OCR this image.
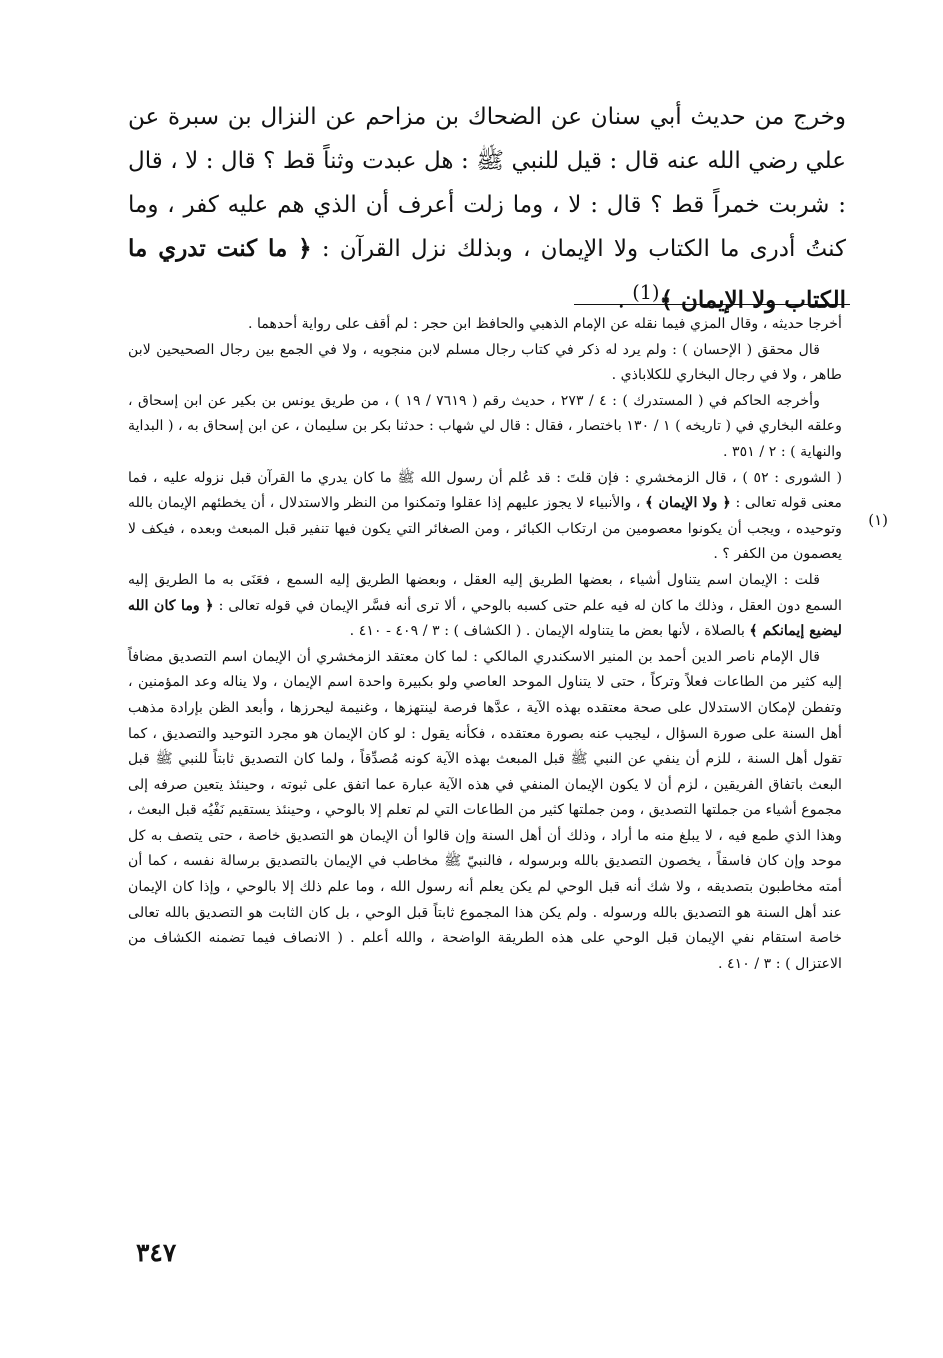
وخرج من حديث أبي سنان عن الضحاك بن مزاحم عن النزال بن سبرة عن علي رضي الله عنه قال : قيل للنبي ﷺ : هل عبدت وثناً قط ؟ قال : لا ، قال : شربت خمراً قط ؟ قال : لا ، وما زلت أعرف أن الذي هم عليه كفر ، وما كنتُ أدرى ما الكتاب ولا الإيمان ، وبذلك نزل القرآن : ﴿ ما كنت تدري ما الكتاب ولا الإيمان ﴾$^{(1)}$ .

(١)

أخرجا حديثه ، وقال المزي فيما نقله عن الإمام الذهبي والحافظ ابن حجر : لم أقف على رواية أحدهما .

قال محقق ( الإحسان ) : ولم يرد له ذكر في كتاب رجال مسلم لابن منجويه ، ولا في الجمع بين رجال الصحيحين لابن طاهر ، ولا في رجال البخاري للكلاباذي .

وأخرجه الحاكم في ( المستدرك ) : ٤ / ٢٧٣ ، حديث رقم ( ٧٦١٩ / ١٩ ) ، من طريق يونس بن بكير عن ابن إسحاق ، وعلقه البخاري في ( تاريخه ) ١ / ١٣٠ باختصار ، فقال : قال لي شهاب : حدثنا بكر بن سليمان ، عن ابن إسحاق به ، ( البداية والنهاية ) : ٢ / ٣٥١ .

( الشورى : ٥٢ ) ، قال الزمخشري : فإن قلتَ : قد عُلم أن رسول الله ﷺ ما كان يدري ما القرآن قبل نزوله عليه ، فما معنى قوله تعالى : ﴿ ولا الإيمان ﴾ ، والأنبياء لا يجوز عليهم إذا عقلوا وتمكنوا من النظر والاستدلال ، أن يخطئهم الإيمان بالله وتوحيده ، ويجب أن يكونوا معصومين من ارتكاب الكبائر ، ومن الصغائر التي يكون فيها تنفير قبل المبعث وبعده ، فيكف لا يعصمون من الكفر ؟ .

قلت : الإيمان اسم يتناول أشياء ، بعضها الطريق إليه العقل ، وبعضها الطريق إليه السمع ، فعَنَى به ما الطريق إليه السمع دون العقل ، وذلك ما كان له فيه علم حتى كسبه بالوحي ، ألا ترى أنه فسَّر الإيمان في قوله تعالى : ﴿ وما كان الله ليضيع إيمانكم ﴾ بالصلاة ، لأنها بعض ما يتناوله الإيمان . ( الكشاف ) : ٣ / ٤٠٩ - ٤١٠ .

قال الإمام ناصر الدين أحمد بن المنير الاسكندري المالكي : لما كان معتقد الزمخشري أن الإيمان اسم التصديق مضافاً إليه كثير من الطاعات فعلاً وتركاً ، حتى لا يتناول الموحد العاصي ولو بكبيرة واحدة اسم الإيمان ، ولا يناله وعد المؤمنين ، وتفطن لإمكان الاستدلال على صحة معتقده بهذه الآية ، عدَّها فرصة لينتهزها ، وغنيمة ليحرزها ، وأبعد الظن بإرادة مذهب أهل السنة على صورة السؤال ، ليجيب عنه بصورة معتقده ، فكأنه يقول : لو كان الإيمان هو مجرد التوحيد والتصديق ، كما تقول أهل السنة ، للزم أن ينفي عن النبي ﷺ قبل المبعث بهذه الآية كونه مُصدِّقاً ، ولما كان التصديق ثابتاً للنبي ﷺ قبل البعث باتفاق الفريقين ، لزم أن لا يكون الإيمان المنفي في هذه الآية عبارة عما اتفق على ثبوته ، وحينئذ يتعين صرفه إلى مجموع أشياء من جملتها التصديق ، ومن جملتها كثير من الطاعات التي لم تعلم إلا بالوحي ، وحينئذ يستقيم نَفْيُه قبل البعث ، وهذا الذي طمع فيه ، لا يبلغ منه ما أراد ، وذلك أن أهل السنة وإن قالوا أن الإيمان هو التصديق خاصة ، حتى يتصف به كل موحد وإن كان فاسقاً ، يخصون التصديق بالله وبرسوله ، فالنبيّ ﷺ مخاطب في الإيمان بالتصديق برسالة نفسه ، كما أن أمته مخاطبون بتصديقه ، ولا شك أنه قبل الوحي لم يكن يعلم أنه رسول الله ، وما علم ذلك إلا بالوحي ، وإذا كان الإيمان عند أهل السنة هو التصديق بالله ورسوله . ولم يكن هذا المجموع ثابتاً قبل الوحي ، بل كان الثابت هو التصديق بالله تعالى خاصة استقام نفي الإيمان قبل الوحي على هذه الطريقة الواضحة ، والله أعلم . ( الانصاف فيما تضمنه الكشاف من الاعتزال ) : ٣ / ٤١٠ .

٣٤٧
